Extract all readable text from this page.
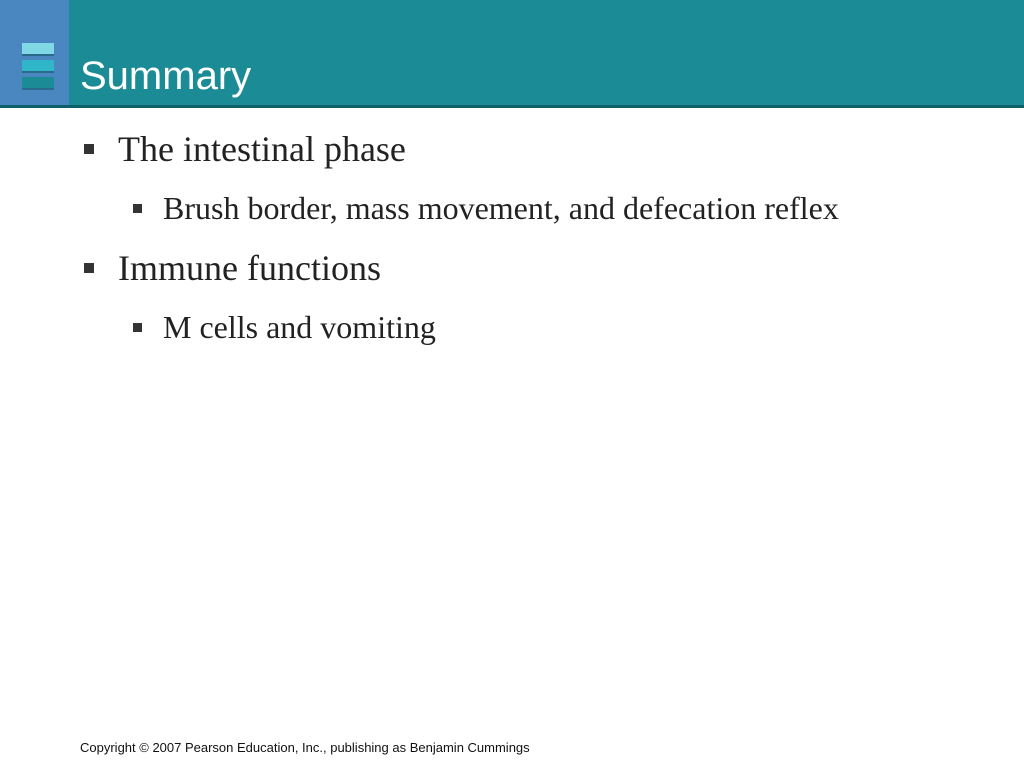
Summary
The intestinal phase
Brush border, mass movement, and defecation reflex
Immune functions
M cells and vomiting
Copyright © 2007 Pearson Education, Inc., publishing as Benjamin Cummings
